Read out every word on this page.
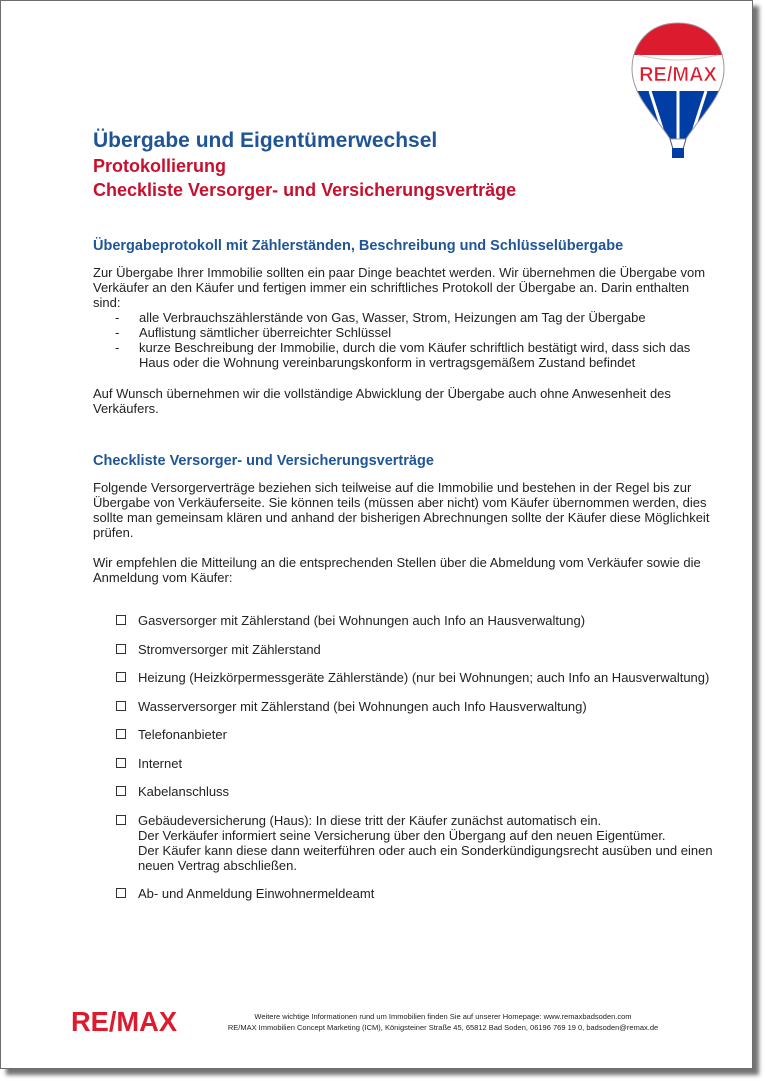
RE/MAX

Übergabe und Eigentümerwechsel

Protokollierung

Checkliste Versorger- und Versicherungsverträge

Übergabeprotokoll mit Zählerständen, Beschreibung und Schlüsselübergabe

Zur Übergabe Ihrer Immobilie sollten ein paar Dinge beachtet werden. Wir übernehmen die Übergabe vom Verkäufer an den Käufer und fertigen immer ein schriftliches Protokoll der Übergabe an. Darin enthalten sind:

- alle Verbrauchszählerstände von Gas, Wasser, Strom, Heizungen am Tag der Übergabe
- Auflistung sämtlicher überreichter Schlüssel
- kurze Beschreibung der Immobilie, durch die vom Käufer schriftlich bestätigt wird, dass sich das Haus oder die Wohnung vereinbarungskonform in vertragsgemäßem Zustand befindet

Auf Wunsch übernehmen wir die vollständige Abwicklung der Übergabe auch ohne Anwesenheit des Verkäufers.

Checkliste Versorger- und Versicherungsverträge

Folgende Versorgerverträge beziehen sich teilweise auf die Immobilie und bestehen in der Regel bis zur Übergabe von Verkäuferseite. Sie können teils (müssen aber nicht) vom Käufer übernommen werden, dies sollte man gemeinsam klären und anhand der bisherigen Abrechnungen sollte der Käufer diese Möglichkeit prüfen.

Wir empfehlen die Mitteilung an die entsprechenden Stellen über die Abmeldung vom Verkäufer sowie die Anmeldung vom Käufer:

Gasversorger mit Zählerstand (bei Wohnungen auch Info an Hausverwaltung)
Stromversorger mit Zählerstand
Heizung (Heizkörpermessgeräte Zählerstände) (nur bei Wohnungen; auch Info an Hausverwaltung)
Wasserversorger mit Zählerstand (bei Wohnungen auch Info Hausverwaltung)
Telefonanbieter
Internet
Kabelanschluss
Gebäudeversicherung (Haus): In diese tritt der Käufer zunächst automatisch ein.
Der Verkäufer informiert seine Versicherung über den Übergang auf den neuen Eigentümer.
Der Käufer kann diese dann weiterführen oder auch ein Sonderkündigungsrecht ausüben und einen neuen Vertrag abschließen.
Ab- und Anmeldung Einwohnermeldeamt
RE/MAX	Weitere wichtige Informationen rund um Immobilien finden Sie auf unserer Homepage: www.remaxbadsoden.com
RE/MAX Immobilien Concept Marketing (ICM), Königsteiner Straße 45, 65812 Bad Soden, 06196 769 19 0, badsoden@remax.de
